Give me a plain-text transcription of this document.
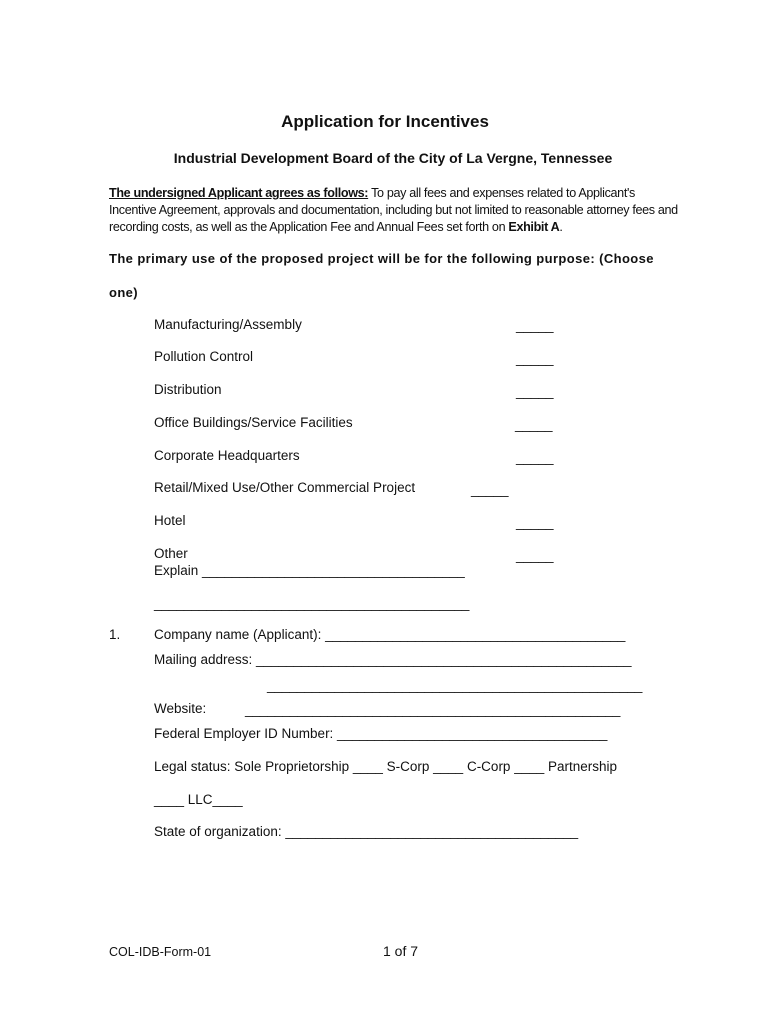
Application for Incentives
Industrial Development Board of the City of La Vergne, Tennessee
The undersigned Applicant agrees as follows: To pay all fees and expenses related to Applicant's Incentive Agreement, approvals and documentation, including but not limited to reasonable attorney fees and recording costs, as well as the Application Fee and Annual Fees set forth on Exhibit A.
The primary use of the proposed project will be for the following purpose: (Choose
one)
Manufacturing/Assembly	_____
Pollution Control	_____
Distribution	_____
Office Buildings/Service Facilities	_____
Corporate Headquarters	_____
Retail/Mixed Use/Other Commercial Project	_____
Hotel	_____
Other	_____
Explain ___________________________________
__________________________________________
1. Company name (Applicant): ________________________________________
Mailing address: __________________________________________________
__________________________________________________
Website:	__________________________________________________
Federal Employer ID Number: ____________________________________
Legal status: Sole Proprietorship ____ S-Corp ____ C-Corp ____ Partnership
____ LLC____
State of organization: _______________________________________
COL-IDB-Form-01	1 of 7
